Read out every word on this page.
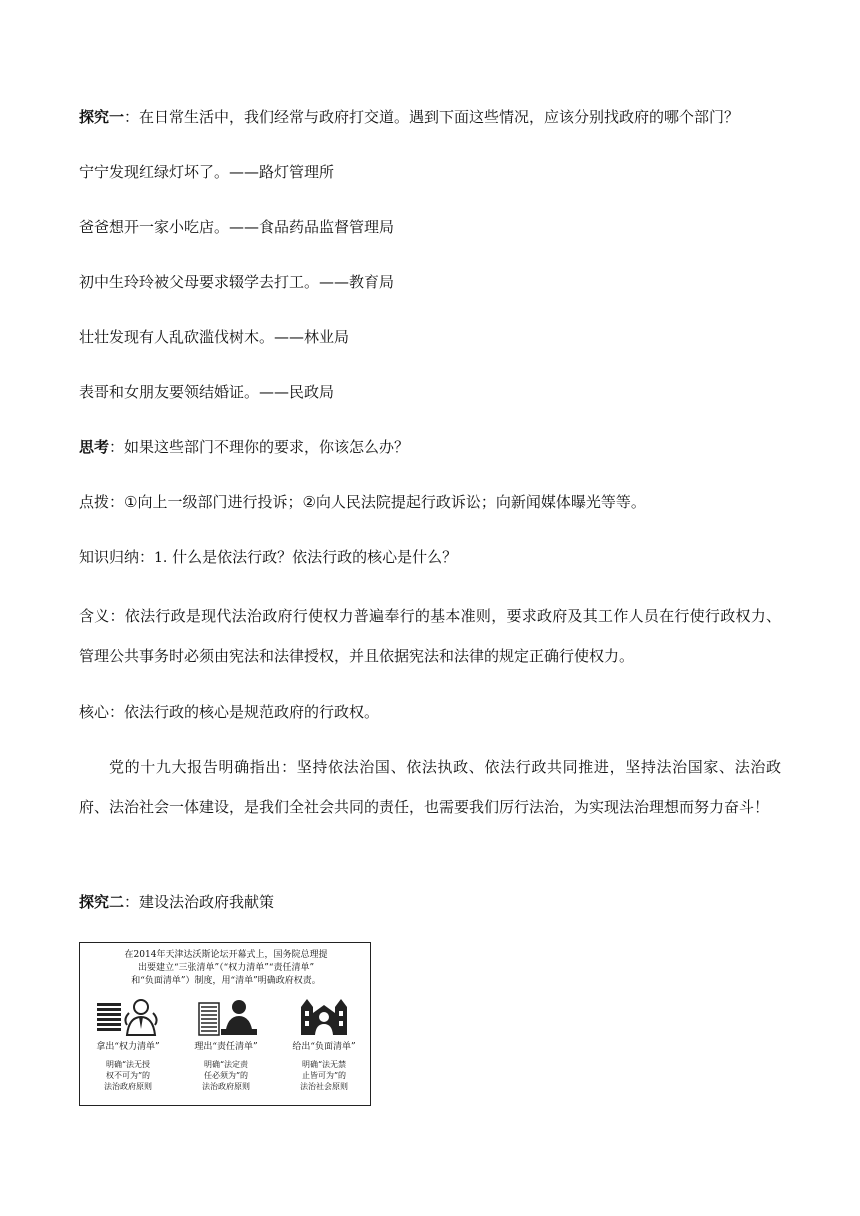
探究一：在日常生活中，我们经常与政府打交道。遇到下面这些情况，应该分别找政府的哪个部门？
宁宁发现红绿灯坏了。——路灯管理所
爸爸想开一家小吃店。——食品药品监督管理局
初中生玲玲被父母要求辍学去打工。——教育局
壮壮发现有人乱砍滥伐树木。——林业局
表哥和女朋友要领结婚证。——民政局
思考：如果这些部门不理你的要求，你该怎么办？
点拨：①向上一级部门进行投诉；②向人民法院提起行政诉讼；向新闻媒体曝光等等。
知识归纳：1. 什么是依法行政？依法行政的核心是什么？
含义：依法行政是现代法治政府行使权力普遍奉行的基本准则，要求政府及其工作人员在行使行政权力、管理公共事务时必须由宪法和法律授权，并且依据宪法和法律的规定正确行使权力。
核心：依法行政的核心是规范政府的行政权。
党的十九大报告明确指出：坚持依法治国、依法执政、依法行政共同推进，坚持法治国家、法治政府、法治社会一体建设，是我们全社会共同的责任，也需要我们厉行法治，为实现法治理想而努力奋斗！
探究二：建设法治政府我献策
在2014年天津达沃斯论坛开幕式上，国务院总理提
出要建立“三张清单”（“权力清单”“责任清单”
和“负面清单”）制度，用“清单”明确政府权责。
拿出“权力清单”
明确“法无授
权不可为”的
法治政府原则
理出“责任清单”
明确“法定责
任必须为”的
法治政府原则
给出“负面清单”
明确“法无禁
止皆可为”的
法治社会原则
